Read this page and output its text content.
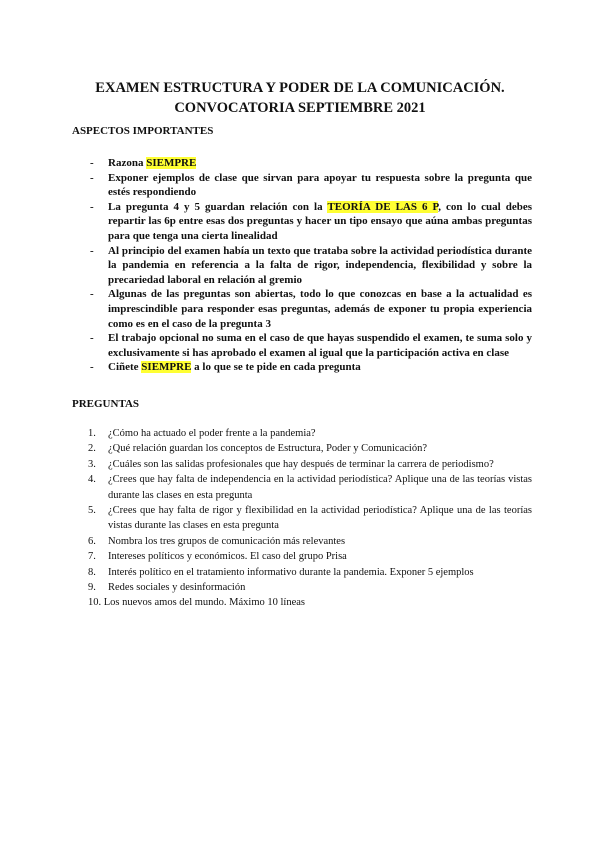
EXAMEN ESTRUCTURA Y PODER DE LA COMUNICACIÓN.
CONVOCATORIA SEPTIEMBRE 2021
ASPECTOS IMPORTANTES
- Razona SIEMPRE
- Exponer ejemplos de clase que sirvan para apoyar tu respuesta sobre la pregunta que estés respondiendo
- La pregunta 4 y 5 guardan relación con la TEORÍA DE LAS 6 P, con lo cual debes repartir las 6p entre esas dos preguntas y hacer un tipo ensayo que aúna ambas preguntas para que tenga una cierta linealidad
- Al principio del examen había un texto que trataba sobre la actividad periodística durante la pandemia en referencia a la falta de rigor, independencia, flexibilidad y sobre la precariedad laboral en relación al gremio
- Algunas de las preguntas son abiertas, todo lo que conozcas en base a la actualidad es imprescindible para responder esas preguntas, además de exponer tu propia experiencia como es en el caso de la pregunta 3
- El trabajo opcional no suma en el caso de que hayas suspendido el examen, te suma solo y exclusivamente si has aprobado el examen al igual que la participación activa en clase
- Ciñete SIEMPRE a lo que se te pide en cada pregunta
PREGUNTAS
1. ¿Cómo ha actuado el poder frente a la pandemia?
2. ¿Qué relación guardan los conceptos de Estructura, Poder y Comunicación?
3. ¿Cuáles son las salidas profesionales que hay después de terminar la carrera de periodismo?
4. ¿Crees que hay falta de independencia en la actividad periodística? Aplique una de las teorías vistas durante las clases en esta pregunta
5. ¿Crees que hay falta de rigor y flexibilidad en la actividad periodística? Aplique una de las teorías vistas durante las clases en esta pregunta
6. Nombra los tres grupos de comunicación más relevantes
7. Intereses políticos y económicos. El caso del grupo Prisa
8. Interés político en el tratamiento informativo durante la pandemia. Exponer 5 ejemplos
9. Redes sociales y desinformación
10. Los nuevos amos del mundo. Máximo 10 líneas
